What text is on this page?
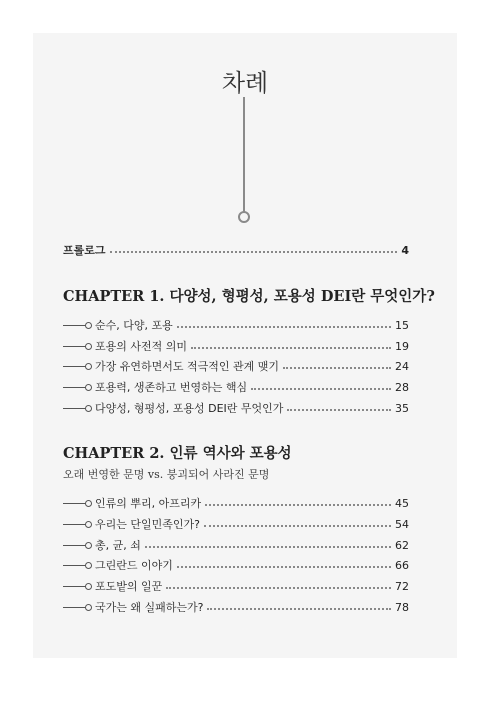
차례
프롤로그	4
CHAPTER 1. 다양성, 형평성, 포용성 DEI란 무엇인가?
순수, 다양, 포용	15
포용의 사전적 의미	19
가장 유연하면서도 적극적인 관계 맺기	24
포용력, 생존하고 번영하는 핵심	28
다양성, 형평성, 포용성 DEI란 무엇인가	35
CHAPTER 2. 인류 역사와 포용성
오래 번영한 문명 vs. 붕괴되어 사라진 문명
인류의 뿌리, 아프리카	45
우리는 단일민족인가?	54
총, 균, 쇠	62
그린란드 이야기	66
포도밭의 일꾼	72
국가는 왜 실패하는가?	78
